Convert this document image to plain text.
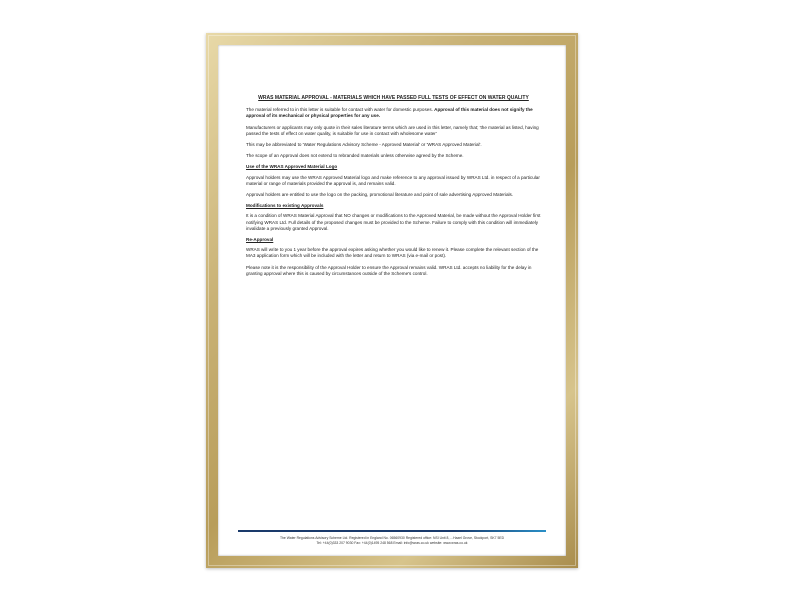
WRAS MATERIAL APPROVAL - MATERIALS WHICH HAVE PASSED FULL TESTS OF EFFECT ON WATER QUALITY

The material referred to in this letter is suitable for contact with water for domestic purposes. Approval of this material does not signify the approval of its mechanical or physical properties for any use.

Manufacturers or applicants may only quote in their sales literature terms which are used in this letter, namely that; 'the material as listed, having passed the tests of effect on water quality, is suitable for use in contact with wholesome water'

This may be abbreviated to 'Water Regulations Advisory Scheme - Approved Material' or 'WRAS Approved Material'.

The scope of an Approval does not extend to rebranded materials unless otherwise agreed by the Scheme.

Use of the WRAS Approved Material Logo

Approval holders may use the WRAS Approved Material logo and make reference to any approval issued by WRAS Ltd. in respect of a particular material or range of materials provided the approval is, and remains valid.

Approval holders are entitled to use the logo on the packing, promotional literature and point of sale advertising Approved Materials.

Modifications to existing Approvals

It is a condition of WRAS Material Approval that NO changes or modifications to the Approved Material, be made without the Approval Holder first notifying WRAS Ltd. Full details of the proposed changes must be provided to the Scheme. Failure to comply with this condition will immediately invalidate a previously granted Approval.

Re-Approval

WRAS will write to you 1 year before the approval expires asking whether you would like to renew it. Please complete the relevant section of the MA3 application form which will be included with the letter and return to WRAS (via e-mail or post).

Please note it is the responsibility of the Approval Holder to ensure the Approval remains valid. WRAS Ltd. accepts no liability for the delay in granting approval where this is caused by circumstances outside of the Scheme's control.

The Water Regulations Advisory Scheme Ltd. Registered in England No. 06560930 Registered office: NSI Unit 8, ...Hazel Grove, Stockport, SK7 5ED
Tel: +44(0)333 207 9030 Fax: +44(0)1495 248 568 Email: info@wras.co.uk website: www.wras.co.uk
